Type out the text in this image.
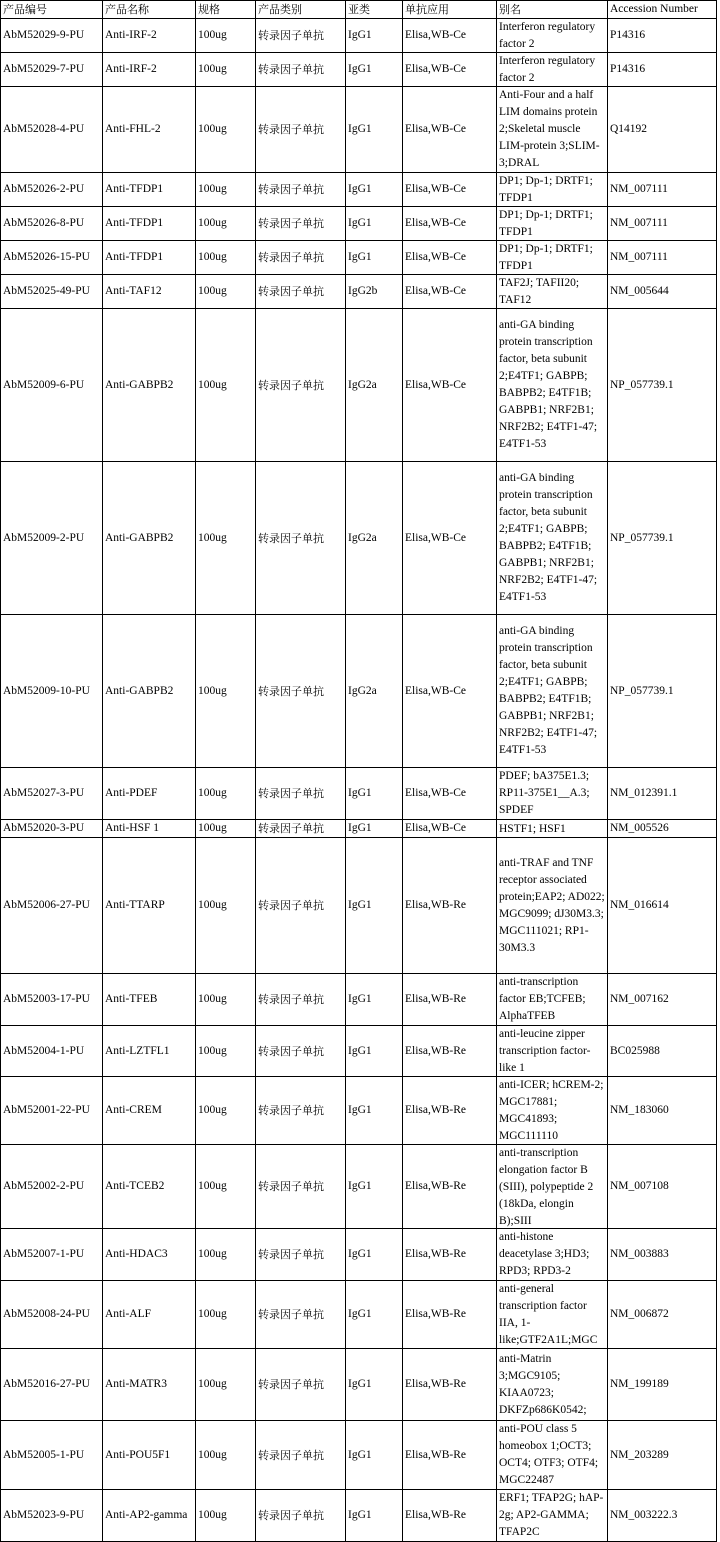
产品编号	产品名称	规格	产品类别	亚类	单抗应用	别名	Accession Number
AbM52029-9-PU	Anti-IRF-2	100ug	转录因子单抗	IgG1	Elisa,WB-Ce	Interferon regulatory factor 2	P14316
AbM52029-7-PU	Anti-IRF-2	100ug	转录因子单抗	IgG1	Elisa,WB-Ce	Interferon regulatory factor 2	P14316
AbM52028-4-PU	Anti-FHL-2	100ug	转录因子单抗	IgG1	Elisa,WB-Ce	Anti-Four and a half LIM domains protein 2;Skeletal muscle LIM-protein 3;SLIM-3;DRAL	Q14192
AbM52026-2-PU	Anti-TFDP1	100ug	转录因子单抗	IgG1	Elisa,WB-Ce	DP1; Dp-1; DRTF1; TFDP1	NM_007111
AbM52026-8-PU	Anti-TFDP1	100ug	转录因子单抗	IgG1	Elisa,WB-Ce	DP1; Dp-1; DRTF1; TFDP1	NM_007111
AbM52026-15-PU	Anti-TFDP1	100ug	转录因子单抗	IgG1	Elisa,WB-Ce	DP1; Dp-1; DRTF1; TFDP1	NM_007111
AbM52025-49-PU	Anti-TAF12	100ug	转录因子单抗	IgG2b	Elisa,WB-Ce	TAF2J; TAFII20; TAF12	NM_005644
AbM52009-6-PU	Anti-GABPB2	100ug	转录因子单抗	IgG2a	Elisa,WB-Ce	anti-GA binding protein transcription factor, beta subunit 2;E4TF1; GABPB; BABPB2; E4TF1B; GABPB1; NRF2B1; NRF2B2; E4TF1-47; E4TF1-53	NP_057739.1
AbM52009-2-PU	Anti-GABPB2	100ug	转录因子单抗	IgG2a	Elisa,WB-Ce	anti-GA binding protein transcription factor, beta subunit 2;E4TF1; GABPB; BABPB2; E4TF1B; GABPB1; NRF2B1; NRF2B2; E4TF1-47; E4TF1-53	NP_057739.1
AbM52009-10-PU	Anti-GABPB2	100ug	转录因子单抗	IgG2a	Elisa,WB-Ce	anti-GA binding protein transcription factor, beta subunit 2;E4TF1; GABPB; BABPB2; E4TF1B; GABPB1; NRF2B1; NRF2B2; E4TF1-47; E4TF1-53	NP_057739.1
AbM52027-3-PU	Anti-PDEF	100ug	转录因子单抗	IgG1	Elisa,WB-Ce	PDEF; bA375E1.3; RP11-375E1__A.3; SPDEF	NM_012391.1
AbM52020-3-PU	Anti-HSF 1	100ug	转录因子单抗	IgG1	Elisa,WB-Ce	HSTF1; HSF1	NM_005526
AbM52006-27-PU	Anti-TTARP	100ug	转录因子单抗	IgG1	Elisa,WB-Re	anti-TRAF and TNF receptor associated protein;EAP2; AD022; MGC9099; dJ30M3.3; MGC111021; RP1-30M3.3	NM_016614
AbM52003-17-PU	Anti-TFEB	100ug	转录因子单抗	IgG1	Elisa,WB-Re	anti-transcription factor EB;TCFEB; AlphaTFEB	NM_007162
AbM52004-1-PU	Anti-LZTFL1	100ug	转录因子单抗	IgG1	Elisa,WB-Re	anti-leucine zipper transcription factor-like 1	BC025988
AbM52001-22-PU	Anti-CREM	100ug	转录因子单抗	IgG1	Elisa,WB-Re	anti-ICER; hCREM-2; MGC17881; MGC41893; MGC111110	NM_183060
AbM52002-2-PU	Anti-TCEB2	100ug	转录因子单抗	IgG1	Elisa,WB-Re	anti-transcription elongation factor B (SIII), polypeptide 2 (18kDa, elongin B);SIII	NM_007108
AbM52007-1-PU	Anti-HDAC3	100ug	转录因子单抗	IgG1	Elisa,WB-Re	anti-histone deacetylase 3;HD3; RPD3; RPD3-2	NM_003883
AbM52008-24-PU	Anti-ALF	100ug	转录因子单抗	IgG1	Elisa,WB-Re	anti-general transcription factor IIA, 1-like;GTF2A1L;MGC	NM_006872
AbM52016-27-PU	Anti-MATR3	100ug	转录因子单抗	IgG1	Elisa,WB-Re	anti-Matrin 3;MGC9105; KIAA0723; DKFZp686K0542;	NM_199189
AbM52005-1-PU	Anti-POU5F1	100ug	转录因子单抗	IgG1	Elisa,WB-Re	anti-POU class 5 homeobox 1;OCT3; OCT4; OTF3; OTF4; MGC22487	NM_203289
AbM52023-9-PU	Anti-AP2-gamma	100ug	转录因子单抗	IgG1	Elisa,WB-Re	ERF1; TFAP2G; hAP-2g; AP2-GAMMA; TFAP2C	NM_003222.3
